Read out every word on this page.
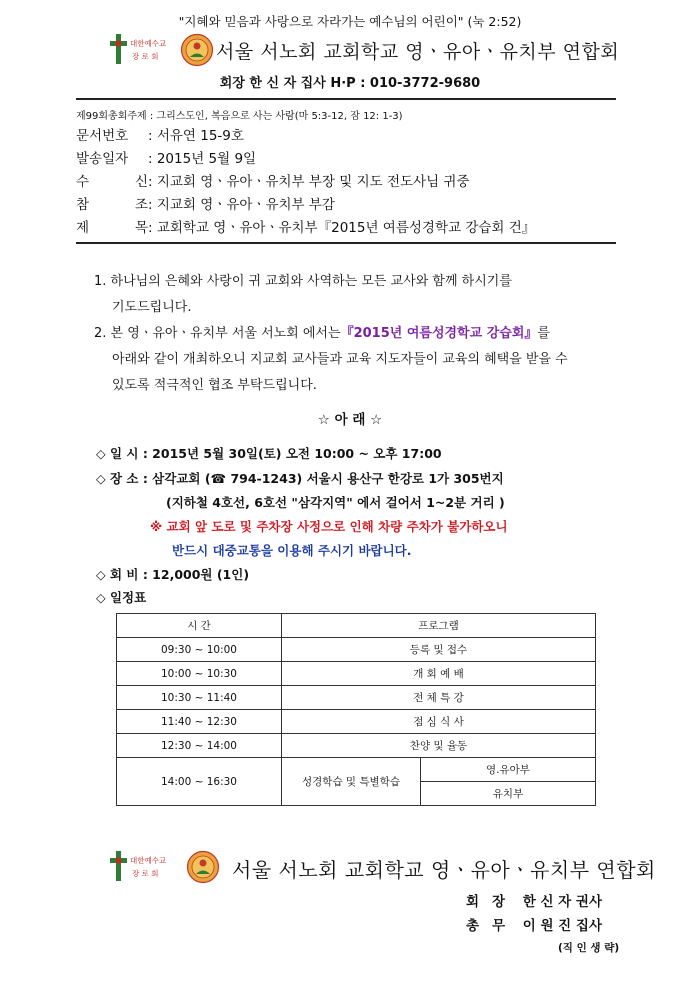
"지혜와 믿음과 사랑으로 자라가는 예수님의 어린이" (눅 2:52)
대한예수교
장 로 회	서울 서노회 교회학교 영ㆍ유아ㆍ유치부 연합회
회장 한 신 자 집사 H·P : 010-3772-9680
제99회총회주제 : 그리스도인, 복음으로 사는 사람(마 5:3-12, 잠 12: 1-3)
문서번호 : 서유연 15-9호
발송일자 : 2015년 5월 9일
수	신: 지교회 영ㆍ유아ㆍ유치부 부장 및 지도 전도사님 귀중
참	조: 지교회 영ㆍ유아ㆍ유치부 부감
제	목: 교회학교 영ㆍ유아ㆍ유치부『2015년 여름성경학교 강습회 건』
1. 하나님의 은혜와 사랑이 귀 교회와 사역하는 모든 교사와 함께 하시기를
기도드립니다.
2. 본 영ㆍ유아ㆍ유치부 서울 서노회 에서는『2015년 여름성경학교 강습회』를
아래와 같이 개최하오니 지교회 교사들과 교육 지도자들이 교육의 혜택을 받을 수
있도록 적극적인 협조 부탁드립니다.
☆ 아 래 ☆
◇ 일 시 : 2015년 5월 30일(토) 오전 10:00 ~ 오후 17:00
◇ 장 소 : 삼각교회 (☎ 794-1243) 서울시 용산구 한강로 1가 305번지
(지하철 4호선, 6호선 "삼각지역" 에서 걸어서 1~2분 거리 )
※ 교회 앞 도로 및 주차장 사정으로 인해 차량 주차가 불가하오니
반드시 대중교통을 이용해 주시기 바랍니다.
◇ 회 비 : 12,000원 (1인)
◇ 일정표
시 간	프로그램	
09:30 ~ 10:00	등록 및 접수	
10:00 ~ 10:30	개 회 예 배	
10:30 ~ 11:40	전 체 특 강	
11:40 ~ 12:30	점 심 식 사	
12:30 ~ 14:00	찬양 및 율동	
14:00 ~ 16:30	성경학습 및 특별학습	영.유아부
		유치부
대한예수교
장 로 회	서울 서노회 교회학교 영ㆍ유아ㆍ유치부 연합회
회 장 한 신 자 권사
총 무 이 원 진 집사
(직 인 생 략)
